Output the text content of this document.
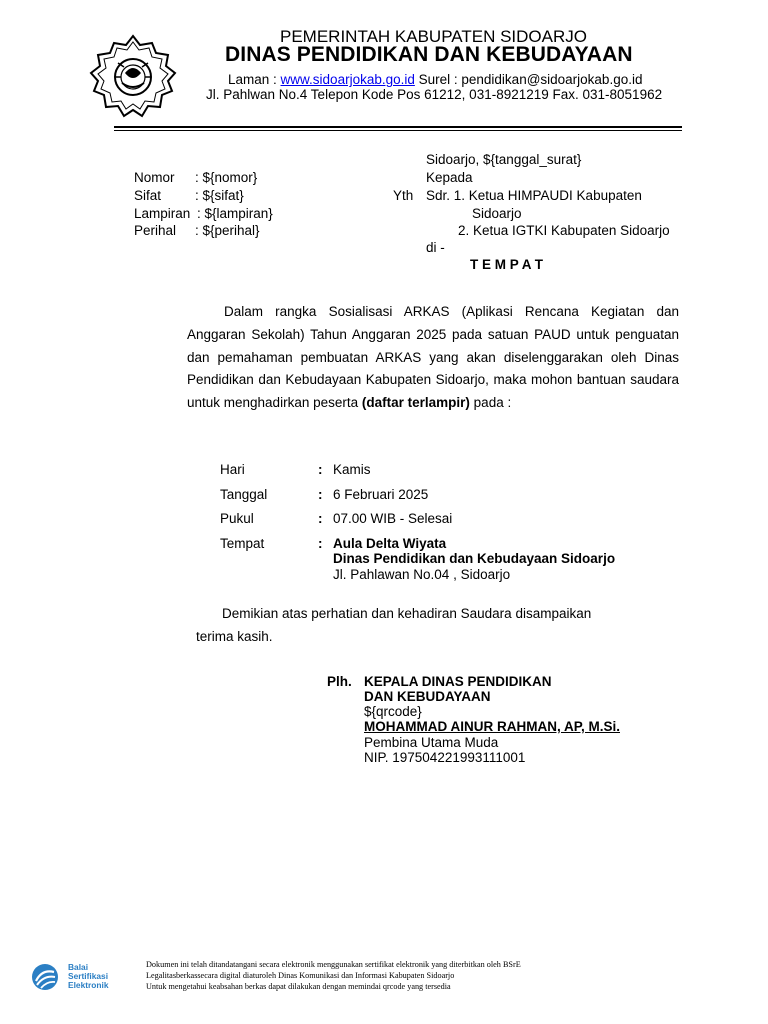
PEMERINTAH KABUPATEN SIDOARJO
DINAS PENDIDIKAN DAN KEBUDAYAAN
Laman : www.sidoarjokab.go.id Surel : pendidikan@sidoarjokab.go.id
Jl. Pahlwan No.4 Telepon Kode Pos 61212, 031-8921219 Fax. 031-8051962
Sidoarjo, ${tanggal_surat}
Kepada
Yth Sdr. 1. Ketua HIMPAUDI Kabupaten
Sidoarjo
2. Ketua IGTKI Kabupaten Sidoarjo
di -
T E M P A T
Nomor : ${nomor}
Sifat	: ${sifat}
Lampiran : ${lampiran}
Perihal : ${perihal}
Dalam rangka Sosialisasi ARKAS (Aplikasi Rencana Kegiatan dan Anggaran Sekolah) Tahun Anggaran 2025 pada satuan PAUD untuk penguatan dan pemahaman pembuatan ARKAS yang akan diselenggarakan oleh Dinas Pendidikan dan Kebudayaan Kabupaten Sidoarjo, maka mohon bantuan saudara untuk menghadirkan peserta (daftar terlampir) pada :
Hari	: Kamis
Tanggal	: 6 Februari 2025
Pukul	: 07.00 WIB - Selesai
Tempat	: Aula Delta Wiyata
Dinas Pendidikan dan Kebudayaan Sidoarjo
Jl. Pahlawan No.04 , Sidoarjo
Demikian atas perhatian dan kehadiran Saudara disampaikan
terima kasih.
Plh. KEPALA DINAS PENDIDIKAN
DAN KEBUDAYAAN
${qrcode}
MOHAMMAD AINUR RAHMAN, AP, M.Si.
Pembina Utama Muda
NIP. 197504221993111001
Balai
Sertifikasi
Elektronik
Dokumen ini telah ditandatangani secara elektronik menggunakan sertifikat elektronik yang diterbitkan oleh BSrE
Legalitasberkassecara digital diaturoleh Dinas Komunikasi dan Informasi Kabupaten Sidoarjo
Untuk mengetahui keabsahan berkas dapat dilakukan dengan memindai qrcode yang tersedia
